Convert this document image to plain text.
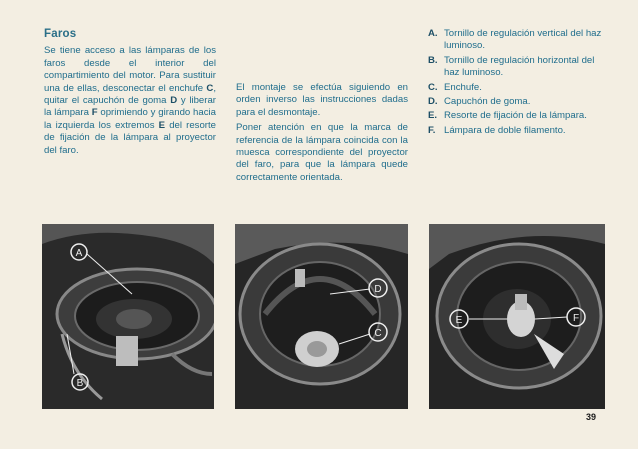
Faros

Se tiene acceso a las lámparas de los faros desde el interior del compartimiento del motor. Para sustituir una de ellas, desconectar el enchufe C, quitar el capuchón de goma D y liberar la lámpara F oprimiendo y girando hacia la izquierda los extremos E del resorte de fijación de la lámpara al proyector del faro.

El montaje se efectúa siguiendo en orden inverso las instrucciones dadas para el desmontaje.

Poner atención en que la marca de referencia de la lámpara coincida con la muesca correspondiente del proyector del faro, para que la lámpara quede correctamente orientada.

A. Tornillo de regulación vertical del haz luminoso.
B. Tornillo de regulación horizontal del haz luminoso.
C. Enchufe.
D. Capuchón de goma.
E. Resorte de fijación de la lámpara.
F. Lámpara de doble filamento.
A
B
D
C
E	F
39
